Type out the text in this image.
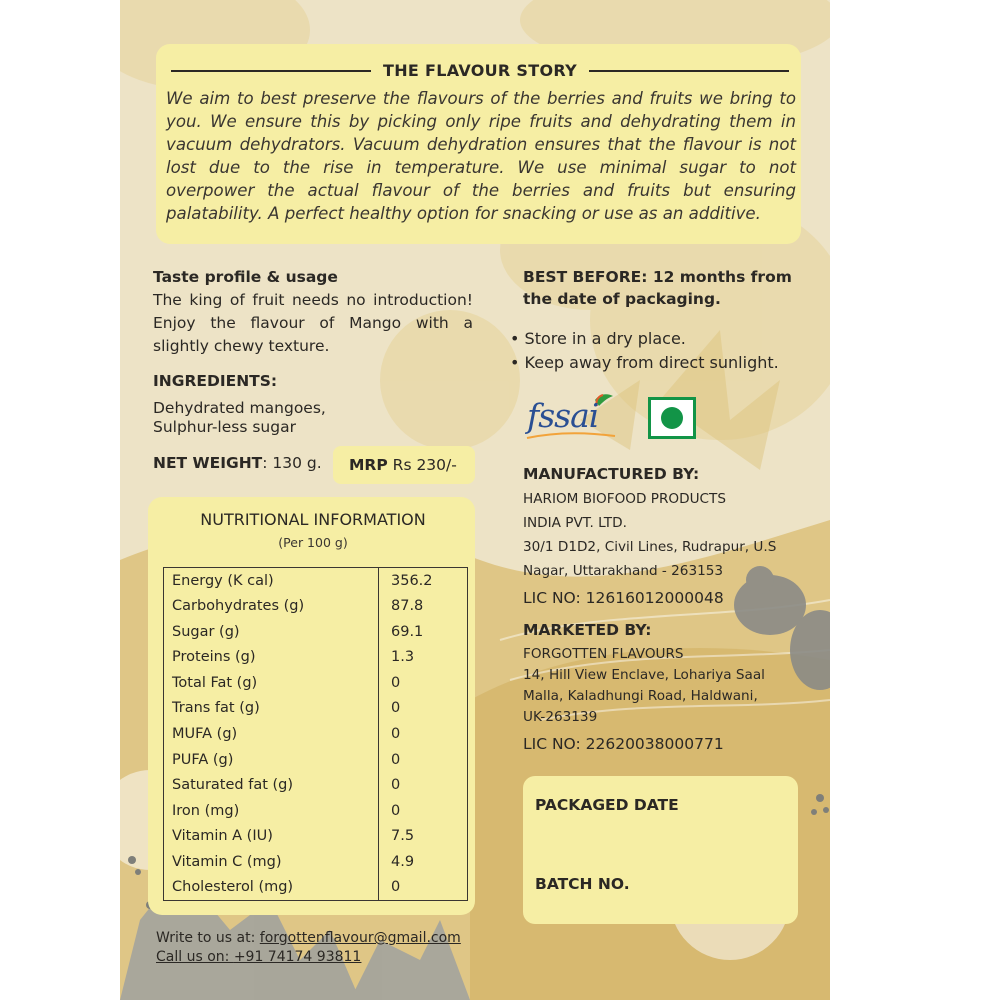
THE FLAVOUR STORY
We aim to best preserve the flavours of the berries and fruits we bring to you. We ensure this by picking only ripe fruits and dehydrating them in vacuum dehydrators. Vacuum dehydration ensures that the flavour is not lost due to the rise in temperature. We use minimal sugar to not overpower the actual flavour of the berries and fruits but ensuring palatability. A perfect healthy option for snacking or use as an additive.
Taste profile & usage
The king of fruit needs no introduction! Enjoy the flavour of Mango with a slightly chewy texture.
INGREDIENTS:
Dehydrated mangoes,
Sulphur-less sugar
NET WEIGHT: 130 g. MRP Rs 230/-
NUTRITIONAL INFORMATION
(Per 100 g)
Energy (K cal)	356.2
Carbohydrates (g)	87.8
Sugar (g)	69.1
Proteins (g)	1.3
Total Fat (g)	0
Trans fat (g)	0
MUFA (g)	0
PUFA (g)	0
Saturated fat (g)	0
Iron (mg)	0
Vitamin A (IU)	7.5
Vitamin C (mg)	4.9
Cholesterol (mg)	0
BEST BEFORE: 12 months from
the date of packaging.
• Store in a dry place.
• Keep away from direct sunlight.
fssai
MANUFACTURED BY:
HARIOM BIOFOOD PRODUCTS
INDIA PVT. LTD.
30/1 D1D2, Civil Lines, Rudrapur, U.S
Nagar, Uttarakhand - 263153
LIC NO: 12616012000048
MARKETED BY:
FORGOTTEN FLAVOURS
14, Hill View Enclave, Lohariya Saal
Malla, Kaladhungi Road, Haldwani,
UK-263139
LIC NO: 22620038000771
PACKAGED DATE
BATCH NO.
Write to us at: forgottenflavour@gmail.com
Call us on: +91 74174 93811
